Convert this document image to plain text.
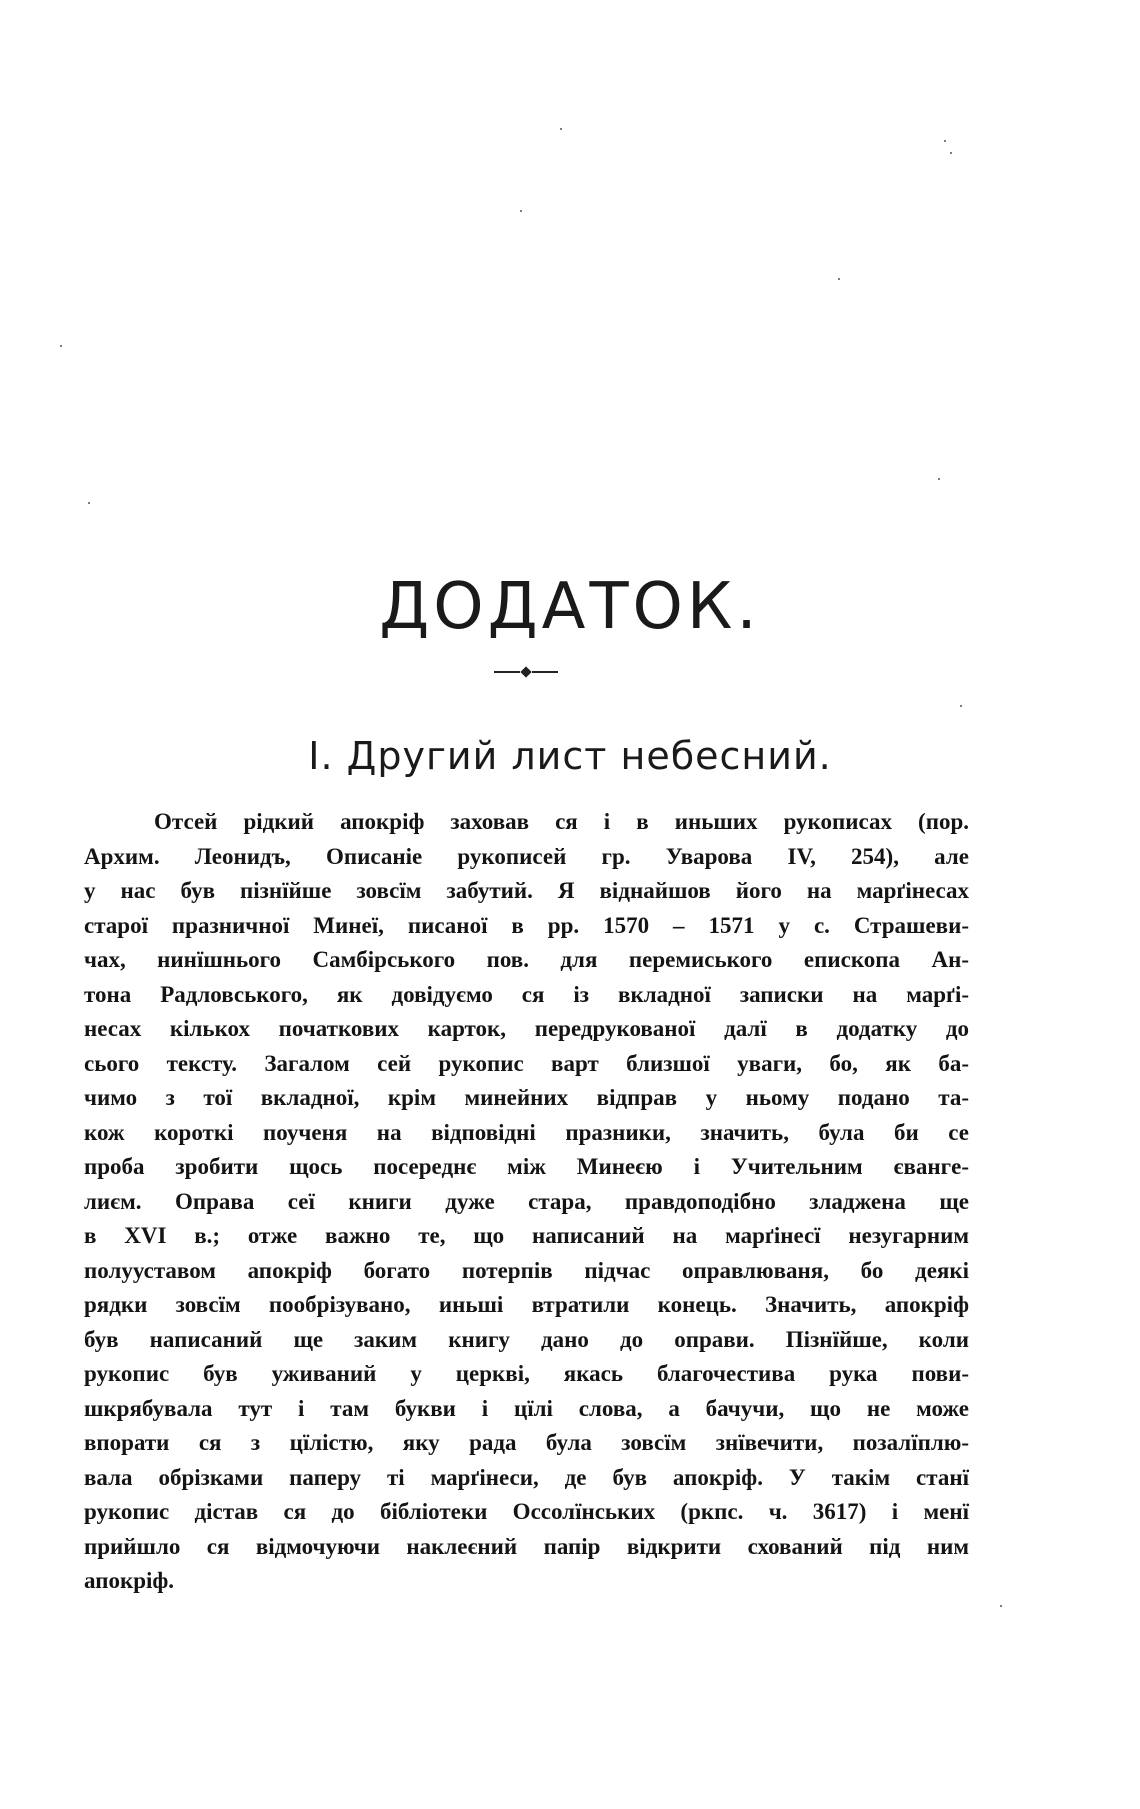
ДОДАТОК.
I. Другий лист небесний.
Отсей рідкий апокріф заховав ся і в иньших рукописах (пор.
Архим. Леонидъ, Описаніе рукописей гр. Уварова IV, 254), але
у нас був пізнїйше зовсїм забутий. Я віднайшов його на марґінесах
старої празничної Минеї, писаної в рр. 1570 – 1571 у с. Страшеви-
чах, нинїшнього Самбірського пов. для перемиського епископа Ан-
тона Радловського, як довідуємо ся із вкладної записки на марґі-
несах кількох початкових карток, передрукованої далї в додатку до
сього тексту. Загалом сей рукопис варт близшої уваги, бо, як ба-
чимо з тої вкладної, крім минейних відправ у ньому подано та-
кож короткі поученя на відповідні празники, значить, була би се
проба зробити щось посереднє між Минеєю і Учительним євангe-
лиєм. Оправа сеї книги дуже стара, правдоподібно зладжена ще
в XVI в.; отже важно те, що написаний на марґінесї незугарним
полууставом апокріф богато потерпів підчас оправлюваня, бо деякі
рядки зовсїм пообрізувано, иньші втратили конець. Значить, апокріф
був написаний ще заким книгу дано до оправи. Пізнїйше, коли
рукопис був уживаний у церкві, якась благочестива рука пови-
шкрябувала тут і там букви і цїлі слова, а бачучи, що не може
впорати ся з цїлістю, яку рада була зовсїм знївечити, позалїплю-
вала обрізками паперу ті марґінеси, де був апокріф. У такім станї
рукопис дістав ся до бібліотеки Оссолїнських (ркпс. ч. 3617) і менї
прийшло ся відмочуючи наклеєний папір відкрити схований під ним
апокріф.
